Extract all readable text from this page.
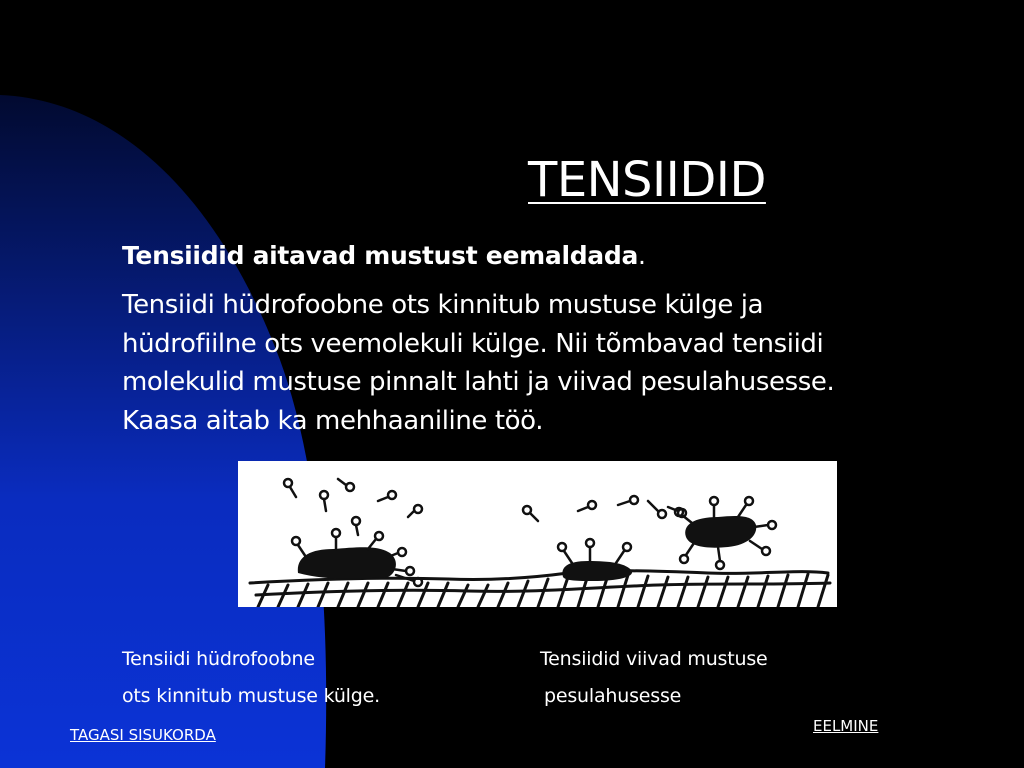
TENSIIDID
Tensiidid aitavad mustust eemaldada.
Tensiidi hüdrofoobne ots kinnitub mustuse külge ja
hüdrofiilne ots veemolekuli külge. Nii tõmbavad tensiidi
molekulid mustuse pinnalt lahti ja viivad pesulahusesse.
Kaasa aitab ka mehhaaniline töö.
Tensiidi hüdrofoobne
ots kinnitub mustuse külge.
Tensiidid viivad mustuse
pesulahusesse
TAGASI SISUKORDA	EELMINE
